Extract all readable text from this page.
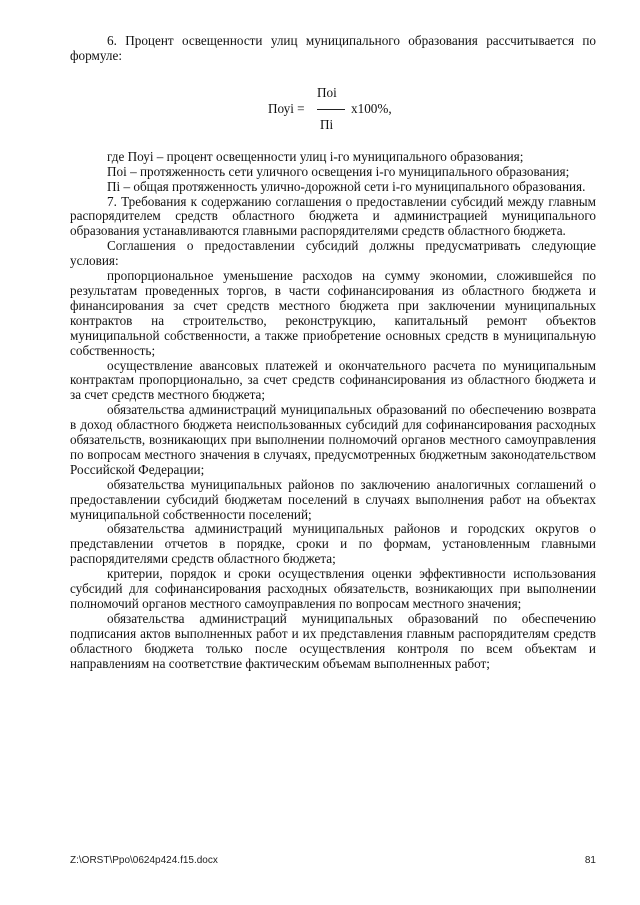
6. Процент освещенности улиц муниципального образования рассчитывается по формуле:

Поі
Поуі =	х100%,
Пі

где Поуі – процент освещенности улиц і-го муниципального образования;

Поі – протяженность сети уличного освещения і-го муниципального образования;

Пі – общая протяженность улично-дорожной сети і-го муниципального образования.

7. Требования к содержанию соглашения о предоставлении субсидий между главным распорядителем средств областного бюджета и администрацией муниципального образования устанавливаются главными распорядителями средств областного бюджета.

Соглашения о предоставлении субсидий должны предусматривать следующие условия:

пропорциональное уменьшение расходов на сумму экономии, сложившейся по результатам проведенных торгов, в части софинансирования из областного бюджета и финансирования за счет средств местного бюджета при заключении муниципальных контрактов на строительство, реконструкцию, капитальный ремонт объектов муниципальной собственности, а также приобретение основных средств в муниципальную собственность;

осуществление авансовых платежей и окончательного расчета по муниципальным контрактам пропорционально, за счет средств софинансирования из областного бюджета и за счет средств местного бюджета;

обязательства администраций муниципальных образований по обеспечению возврата в доход областного бюджета неиспользованных субсидий для софинансирования расходных обязательств, возникающих при выполнении полномочий органов местного самоуправления по вопросам местного значения в случаях, предусмотренных бюджетным законодательством Российской Федерации;

обязательства муниципальных районов по заключению аналогичных соглашений о предоставлении субсидий бюджетам поселений в случаях выполнения работ на объектах муниципальной собственности поселений;

обязательства администраций муниципальных районов и городских округов о представлении отчетов в порядке, сроки и по формам, установленным главными распорядителями средств областного бюджета;

критерии, порядок и сроки осуществления оценки эффективности использования субсидий для софинансирования расходных обязательств, возникающих при выполнении полномочий органов местного самоуправления по вопросам местного значения;

обязательства администраций муниципальных образований по обеспечению подписания актов выполненных работ и их представления главным распорядителям средств областного бюджета только после осуществления контроля по всем объектам и направлениям на соответствие фактическим объемам выполненных работ;

Z:\ORST\Ppo\0624p424.f15.docx	81
